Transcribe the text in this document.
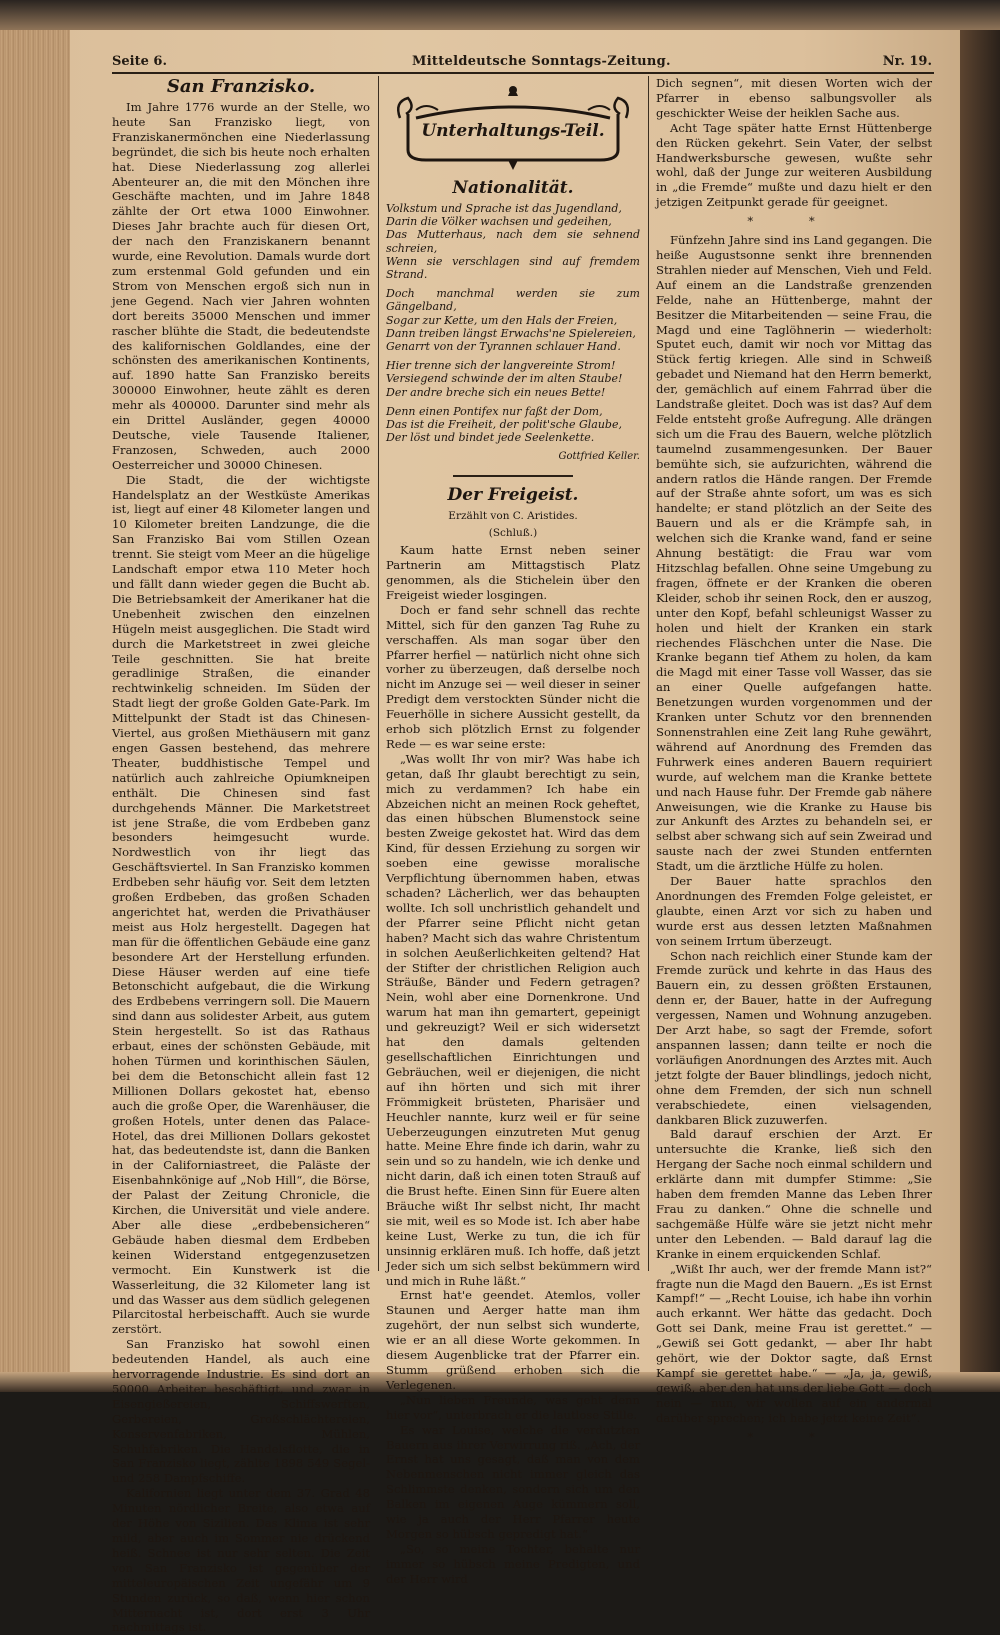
Seite 6.	Mitteldeutsche Sonntags-Zeitung.	Nr. 19.
San Franzisko.

Im Jahre 1776 wurde an der Stelle, wo heute San Franzisko liegt, von Franziskanermönchen eine Niederlassung begründet, die sich bis heute noch erhalten hat. Diese Niederlassung zog allerlei Abenteurer an, die mit den Mönchen ihre Geschäfte machten, und im Jahre 1848 zählte der Ort etwa 1000 Einwohner. Dieses Jahr brachte auch für diesen Ort, der nach den Franziskanern benannt wurde, eine Revolution. Damals wurde dort zum erstenmal Gold gefunden und ein Strom von Menschen ergoß sich nun in jene Gegend. Nach vier Jahren wohnten dort bereits 35000 Menschen und immer rascher blühte die Stadt, die bedeutendste des kalifornischen Goldlandes, eine der schönsten des amerikanischen Kontinents, auf. 1890 hatte San Franzisko bereits 300000 Einwohner, heute zählt es deren mehr als 400000. Darunter sind mehr als ein Drittel Ausländer, gegen 40000 Deutsche, viele Tausende Italiener, Franzosen, Schweden, auch 2000 Oesterreicher und 30000 Chinesen.

Die Stadt, die der wichtigste Handelsplatz an der Westküste Amerikas ist, liegt auf einer 48 Kilometer langen und 10 Kilometer breiten Landzunge, die die San Franzisko Bai vom Stillen Ozean trennt. Sie steigt vom Meer an die hügelige Landschaft empor etwa 110 Meter hoch und fällt dann wieder gegen die Bucht ab. Die Betriebsamkeit der Amerikaner hat die Unebenheit zwischen den einzelnen Hügeln meist ausgeglichen. Die Stadt wird durch die Marketstreet in zwei gleiche Teile geschnitten. Sie hat breite geradlinige Straßen, die einander rechtwinkelig schneiden. Im Süden der Stadt liegt der große Golden Gate-Park. Im Mittelpunkt der Stadt ist das Chinesen-Viertel, aus großen Miethäusern mit ganz engen Gassen bestehend, das mehrere Theater, buddhistische Tempel und natürlich auch zahlreiche Opiumkneipen enthält. Die Chinesen sind fast durchgehends Männer. Die Marketstreet ist jene Straße, die vom Erdbeben ganz besonders heimgesucht wurde. Nordwestlich von ihr liegt das Geschäftsviertel. In San Franzisko kommen Erdbeben sehr häufig vor. Seit dem letzten großen Erdbeben, das großen Schaden angerichtet hat, werden die Privathäuser meist aus Holz hergestellt. Dagegen hat man für die öffentlichen Gebäude eine ganz besondere Art der Herstellung erfunden. Diese Häuser werden auf eine tiefe Betonschicht aufgebaut, die die Wirkung des Erdbebens verringern soll. Die Mauern sind dann aus solidester Arbeit, aus gutem Stein hergestellt. So ist das Rathaus erbaut, eines der schönsten Gebäude, mit hohen Türmen und korinthischen Säulen, bei dem die Betonschicht allein fast 12 Millionen Dollars gekostet hat, ebenso auch die große Oper, die Warenhäuser, die großen Hotels, unter denen das Palace-Hotel, das drei Millionen Dollars gekostet hat, das bedeutendste ist, dann die Banken in der Californiastreet, die Paläste der Eisenbahnkönige auf „Nob Hill“, die Börse, der Palast der Zeitung Chronicle, die Kirchen, die Universität und viele andere. Aber alle diese „erdbebensicheren“ Gebäude haben diesmal dem Erdbeben keinen Widerstand entgegenzusetzen vermocht. Ein Kunstwerk ist die Wasserleitung, die 32 Kilometer lang ist und das Wasser aus dem südlich gelegenen Pilarcitostal herbeischafft. Auch sie wurde zerstört.

San Franzisko hat sowohl einen bedeutenden Handel, als auch eine hervorragende Industrie. Es sind dort an 50000 Arbeiter beschäftigt, und zwar in Eisengießereien, Schiffswerften, Gerbereien, Großschlächtereien, Konservenfabriken, Mühlen, Schuhfabriken. Die Handelsflotte, die in San Franzisko liegt, zählte 1898 549 Segel- und 258 Dampfschiffe.

Kalifornien liegt unter dem 37. Grad 48 Minuten nördlicher Breite, also etwa auf der Höhe von Sizilien. Das Klima ist sehr mild, aber auch im Sommer nie drückend heiß. Schnee ist nur sehr selten. Die Zeit von San Franzisko ist gegenüber der mitteleuropäischen Zeit ungefähr um 9 Stunden zurück, so daß, wenn hier schon Mitternacht ist, dort erst 3 Uhr nachmittags ist.

Unterhaltungs-Teil.
Nationalität.
Volkstum und Sprache ist das Jugendland,
Darin die Völker wachsen und gedeihen,
Das Mutterhaus, nach dem sie sehnend schreien,
Wenn sie verschlagen sind auf fremdem Strand.
Doch manchmal werden sie zum Gängelband,
Sogar zur Kette, um den Hals der Freien,
Dann treiben längst Erwachs'ne Spielereien,
Genarrt von der Tyrannen schlauer Hand.
Hier trenne sich der langvereinte Strom!
Versiegend schwinde der im alten Staube!
Der andre breche sich ein neues Bette!
Denn einen Pontifex nur faßt der Dom,
Das ist die Freiheit, der polit'sche Glaube,
Der löst und bindet jede Seelenkette.
Gottfried Keller.
Der Freigeist.
Erzählt von C. Aristides.
(Schluß.)

Kaum hatte Ernst neben seiner Partnerin am Mittagstisch Platz genommen, als die Stichelein über den Freigeist wieder losgingen.

Doch er fand sehr schnell das rechte Mittel, sich für den ganzen Tag Ruhe zu verschaffen. Als man sogar über den Pfarrer herfiel — natürlich nicht ohne sich vorher zu überzeugen, daß derselbe noch nicht im Anzuge sei — weil dieser in seiner Predigt dem verstockten Sünder nicht die Feuerhölle in sichere Aussicht gestellt, da erhob sich plötzlich Ernst zu folgender Rede — es war seine erste:

„Was wollt Ihr von mir? Was habe ich getan, daß Ihr glaubt berechtigt zu sein, mich zu verdammen? Ich habe ein Abzeichen nicht an meinen Rock geheftet, das einen hübschen Blumenstock seine besten Zweige gekostet hat. Wird das dem Kind, für dessen Erziehung zu sorgen wir soeben eine gewisse moralische Verpflichtung übernommen haben, etwas schaden? Lächerlich, wer das behaupten wollte. Ich soll unchristlich gehandelt und der Pfarrer seine Pflicht nicht getan haben? Macht sich das wahre Christentum in solchen Aeußerlichkeiten geltend? Hat der Stifter der christlichen Religion auch Sträuße, Bänder und Federn getragen? Nein, wohl aber eine Dornenkrone. Und warum hat man ihn gemartert, gepeinigt und gekreuzigt? Weil er sich widersetzt hat den damals geltenden gesellschaftlichen Einrichtungen und Gebräuchen, weil er diejenigen, die nicht auf ihn hörten und sich mit ihrer Frömmigkeit brüsteten, Pharisäer und Heuchler nannte, kurz weil er für seine Ueberzeugungen einzutreten Mut genug hatte. Meine Ehre finde ich darin, wahr zu sein und so zu handeln, wie ich denke und nicht darin, daß ich einen toten Strauß auf die Brust hefte. Einen Sinn für Euere alten Bräuche wißt Ihr selbst nicht, Ihr macht sie mit, weil es so Mode ist. Ich aber habe keine Lust, Werke zu tun, die ich für unsinnig erklären muß. Ich hoffe, daß jetzt Jeder sich um sich selbst bekümmern wird und mich in Ruhe läßt.“

Ernst hat'e geendet. Atemlos, voller Staunen und Aerger hatte man ihm zugehört, der nun selbst sich wunderte, wie er an all diese Worte gekommen. In diesem Augenblicke trat der Pfarrer ein. Stumm grüßend erhoben sich die Verlegenen.

„Nun lieben Freunde, was geht denn hier vor“, unterbrach er die lautlose Stille.

Es war Louise, welche die verdutzten Bauern aus ihrer Verwirrung riß. „Ach, der Ernst hat uns gesagt, daß man von dem Nebenmenschen nicht immer gleich das Schlimmste denken, sondern sich um den Balken im eigenen Auge kümmern soll, wie ja auch der Herr Pfarrer heute Morgen so hübsch gepredigt hat.“

„So, so meine Tochter, behalte nur immer so hübsch meine Predigten, und der Herr wird

Dich segnen“, mit diesen Worten wich der Pfarrer in ebenso salbungsvoller als geschickter Weise der heiklen Sache aus.

Acht Tage später hatte Ernst Hüttenberge den Rücken gekehrt. Sein Vater, der selbst Handwerksbursche gewesen, wußte sehr wohl, daß der Junge zur weiteren Ausbildung in „die Fremde“ mußte und dazu hielt er den jetzigen Zeitpunkt gerade für geeignet.

* *

Fünfzehn Jahre sind ins Land gegangen. Die heiße Augustsonne senkt ihre brennenden Strahlen nieder auf Menschen, Vieh und Feld. Auf einem an die Landstraße grenzenden Felde, nahe an Hüttenberge, mahnt der Besitzer die Mitarbeitenden — seine Frau, die Magd und eine Taglöhnerin — wiederholt: Sputet euch, damit wir noch vor Mittag das Stück fertig kriegen. Alle sind in Schweiß gebadet und Niemand hat den Herrn bemerkt, der, gemächlich auf einem Fahrrad über die Landstraße gleitet. Doch was ist das? Auf dem Felde entsteht große Aufregung. Alle drängen sich um die Frau des Bauern, welche plötzlich taumelnd zusammengesunken. Der Bauer bemühte sich, sie aufzurichten, während die andern ratlos die Hände rangen. Der Fremde auf der Straße ahnte sofort, um was es sich handelte; er stand plötzlich an der Seite des Bauern und als er die Krämpfe sah, in welchen sich die Kranke wand, fand er seine Ahnung bestätigt: die Frau war vom Hitzschlag befallen. Ohne seine Umgebung zu fragen, öffnete er der Kranken die oberen Kleider, schob ihr seinen Rock, den er auszog, unter den Kopf, befahl schleunigst Wasser zu holen und hielt der Kranken ein stark riechendes Fläschchen unter die Nase. Die Kranke begann tief Athem zu holen, da kam die Magd mit einer Tasse voll Wasser, das sie an einer Quelle aufgefangen hatte. Benetzungen wurden vorgenommen und der Kranken unter Schutz vor den brennenden Sonnenstrahlen eine Zeit lang Ruhe gewährt, während auf Anordnung des Fremden das Fuhrwerk eines anderen Bauern requiriert wurde, auf welchem man die Kranke bettete und nach Hause fuhr. Der Fremde gab nähere Anweisungen, wie die Kranke zu Hause bis zur Ankunft des Arztes zu behandeln sei, er selbst aber schwang sich auf sein Zweirad und sauste nach der zwei Stunden entfernten Stadt, um die ärztliche Hülfe zu holen.

Der Bauer hatte sprachlos den Anordnungen des Fremden Folge geleistet, er glaubte, einen Arzt vor sich zu haben und wurde erst aus dessen letzten Maßnahmen von seinem Irrtum überzeugt.

Schon nach reichlich einer Stunde kam der Fremde zurück und kehrte in das Haus des Bauern ein, zu dessen größten Erstaunen, denn er, der Bauer, hatte in der Aufregung vergessen, Namen und Wohnung anzugeben. Der Arzt habe, so sagt der Fremde, sofort anspannen lassen; dann teilte er noch die vorläufigen Anordnungen des Arztes mit. Auch jetzt folgte der Bauer blindlings, jedoch nicht, ohne dem Fremden, der sich nun schnell verabschiedete, einen vielsagenden, dankbaren Blick zuzuwerfen.

Bald darauf erschien der Arzt. Er untersuchte die Kranke, ließ sich den Hergang der Sache noch einmal schildern und erklärte dann mit dumpfer Stimme: „Sie haben dem fremden Manne das Leben Ihrer Frau zu danken.“ Ohne die schnelle und sachgemäße Hülfe wäre sie jetzt nicht mehr unter den Lebenden. — Bald darauf lag die Kranke in einem erquickenden Schlaf.

„Wißt Ihr auch, wer der fremde Mann ist?“ fragte nun die Magd den Bauern. „Es ist Ernst Kampf!“ — „Recht Louise, ich habe ihn vorhin auch erkannt. Wer hätte das gedacht. Doch Gott sei Dank, meine Frau ist gerettet.“ — „Gewiß sei Gott gedankt, — aber Ihr habt gehört, wie der Doktor sagte, daß Ernst Kampf sie gerettet habe.“ — „Ja, ja, gewiß, gewiß, aber den hat uns der liebe Gott — doch nein — nun, wir wollen auf ein andermal darüber sprechen; ich habe jetzt keine Zeit“.

* *
